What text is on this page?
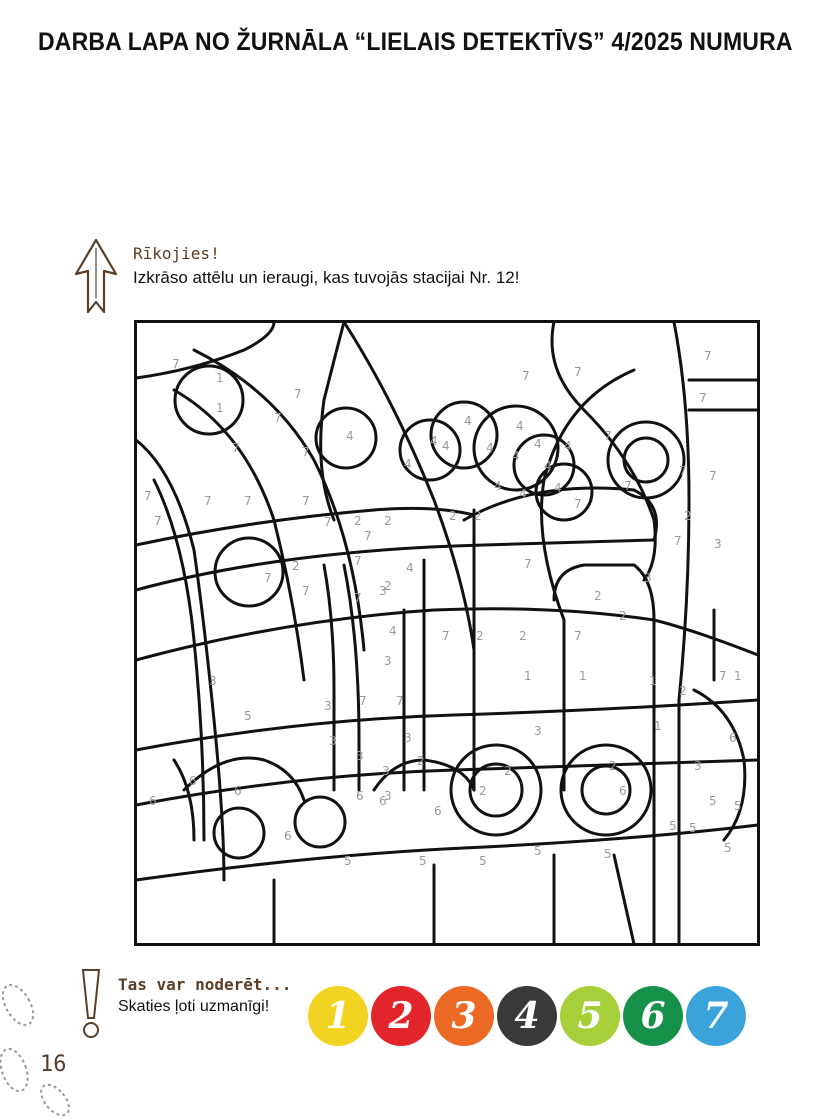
DARBA LAPA NO ŽURNĀLA “LIELAIS DETEKTĪVS” 4/2025 NUMURA
Rīkojies!
Izkrāso attēlu un ieraugi, kas tuvojās stacijai Nr. 12!
7
1
1
7
7
7	7
4	4
4
4
4
4
4
4
4 4
4
4
4 4
7
7	7
7
7
7 7
7
7
2
2 2	2 2
7
7
7
7	7	7
7
4
7
2
2
7
7
7
7	3
3
3
4
3
7 2	2
7
7
2
2
3	1	1	1
2
7
5
3 7 7
3	3	1
1
6
3
3
3
3
6 3
2
2
2
2
6
6
6
6
6
6
6
5
5
5
5
5	5
5	5	5
5
Tas var noderēt...
Skaties ļoti uzmanīgi!	1	2	3	4	5	6	7
16
